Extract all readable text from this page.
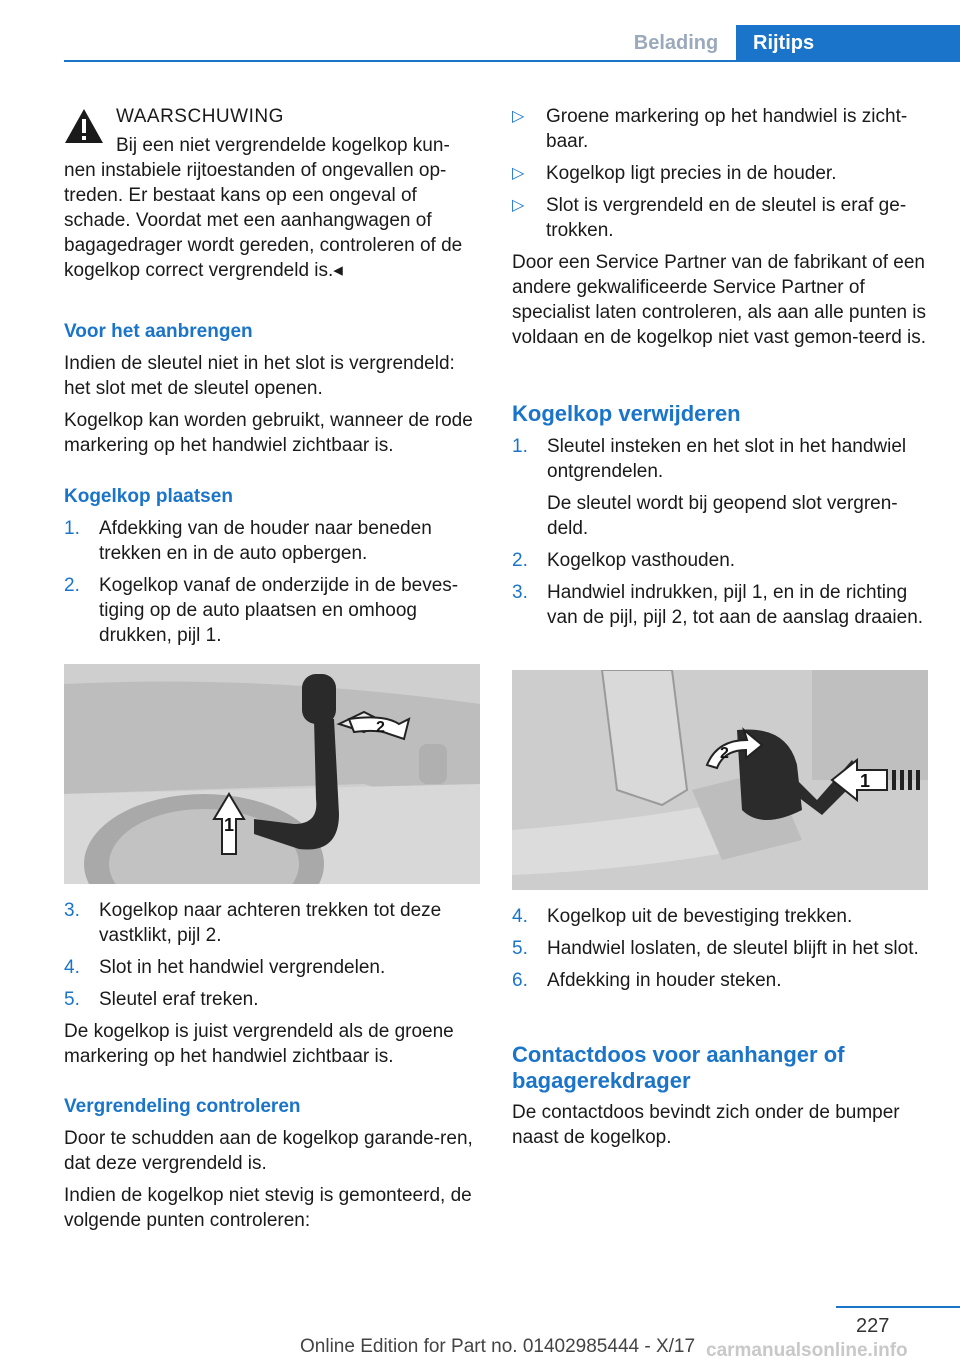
Belading	Rijtips

WAARSCHUWING

Bij een niet vergrendelde kogelkop kun-

nen instabiele rijtoestanden of ongevallen op-treden. Er bestaat kans op een ongeval of schade. Voordat met een aanhangwagen of bagagedrager wordt gereden, controleren of de kogelkop correct vergrendeld is.◂

Voor het aanbrengen

Indien de sleutel niet in het slot is vergrendeld: het slot met de sleutel openen.

Kogelkop kan worden gebruikt, wanneer de rode markering op het handwiel zichtbaar is.

Kogelkop plaatsen
1. Afdekking van de houder naar beneden trekken en in de auto opbergen.
2. Kogelkop vanaf de onderzijde in de beves-tiging op de auto plaatsen en omhoog drukken, pijl 1.
1
2
3. Kogelkop naar achteren trekken tot deze vastklikt, pijl 2.
4. Slot in het handwiel vergrendelen.
5. Sleutel eraf treken.

De kogelkop is juist vergrendeld als de groene markering op het handwiel zichtbaar is.

Vergrendeling controleren

Door te schudden aan de kogelkop garande-ren, dat deze vergrendeld is.

Indien de kogelkop niet stevig is gemonteerd, de volgende punten controleren:

▷ Groene markering op het handwiel is zicht-baar.
▷ Kogelkop ligt precies in de houder.
▷ Slot is vergrendeld en de sleutel is eraf ge-trokken.

Door een Service Partner van de fabrikant of een andere gekwalificeerde Service Partner of specialist laten controleren, als aan alle punten is voldaan en de kogelkop niet vast gemon-teerd is.

Kogelkop verwijderen
1. Sleutel insteken en het slot in het handwiel ontgrendelen.

De sleutel wordt bij geopend slot vergren-deld.

2. Kogelkop vasthouden.
3. Handwiel indrukken, pijl 1, en in de richting van de pijl, pijl 2, tot aan de aanslag draaien.
1
2
4. Kogelkop uit de bevestiging trekken.
5. Handwiel loslaten, de sleutel blijft in het slot.
6. Afdekking in houder steken.
Contactdoos voor aanhanger of bagagerekdrager

De contactdoos bevindt zich onder de bumper naast de kogelkop.

227
Online Edition for Part no. 01402985444 - X/17 carmanualsonline.info
